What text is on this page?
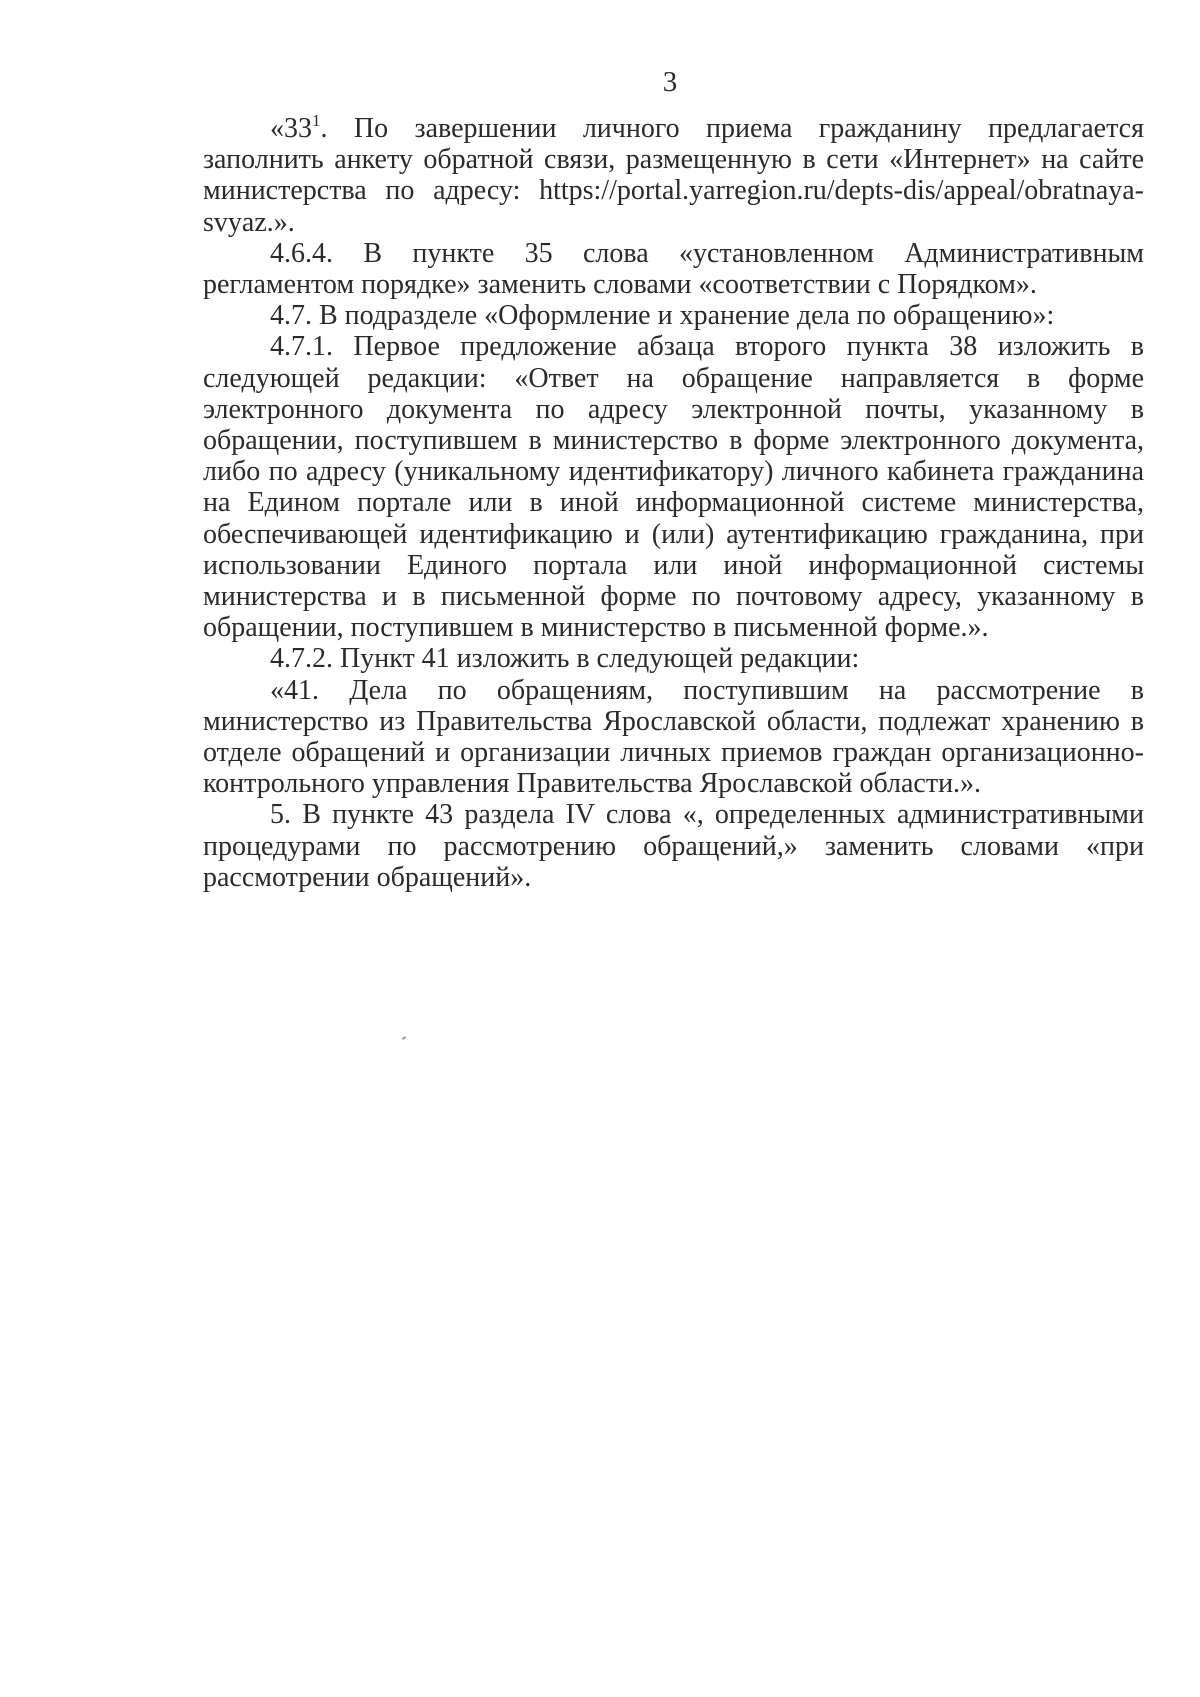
3

«$33^1$. По завершении личного приема гражданину предлагается заполнить анкету обратной связи, размещенную в сети «Интернет» на сайте министерства по адресу: https://portal.yarregion.ru/depts-dis/appeal/obratnaya-svyaz.».

4.6.4. В пункте 35 слова «установленном Административным регламентом порядке» заменить словами «соответствии с Порядком».

4.7. В подразделе «Оформление и хранение дела по обращению»:

4.7.1. Первое предложение абзаца второго пункта 38 изложить в следующей редакции: «Ответ на обращение направляется в форме электронного документа по адресу электронной почты, указанному в обращении, поступившем в министерство в форме электронного документа, либо по адресу (уникальному идентификатору) личного кабинета гражданина на Едином портале или в иной информационной системе министерства, обеспечивающей идентификацию и (или) аутентификацию гражданина, при использовании Единого портала или иной информационной системы министерства и в письменной форме по почтовому адресу, указанному в обращении, поступившем в министерство в письменной форме.».

4.7.2. Пункт 41 изложить в следующей редакции:

«41. Дела по обращениям, поступившим на рассмотрение в министерство из Правительства Ярославской области, подлежат хранению в отделе обращений и организации личных приемов граждан организационно-контрольного управления Правительства Ярославской области.».

5. В пункте 43 раздела IV слова «, определенных административными процедурами по рассмотрению обращений,» заменить словами «при рассмотрении обращений».
